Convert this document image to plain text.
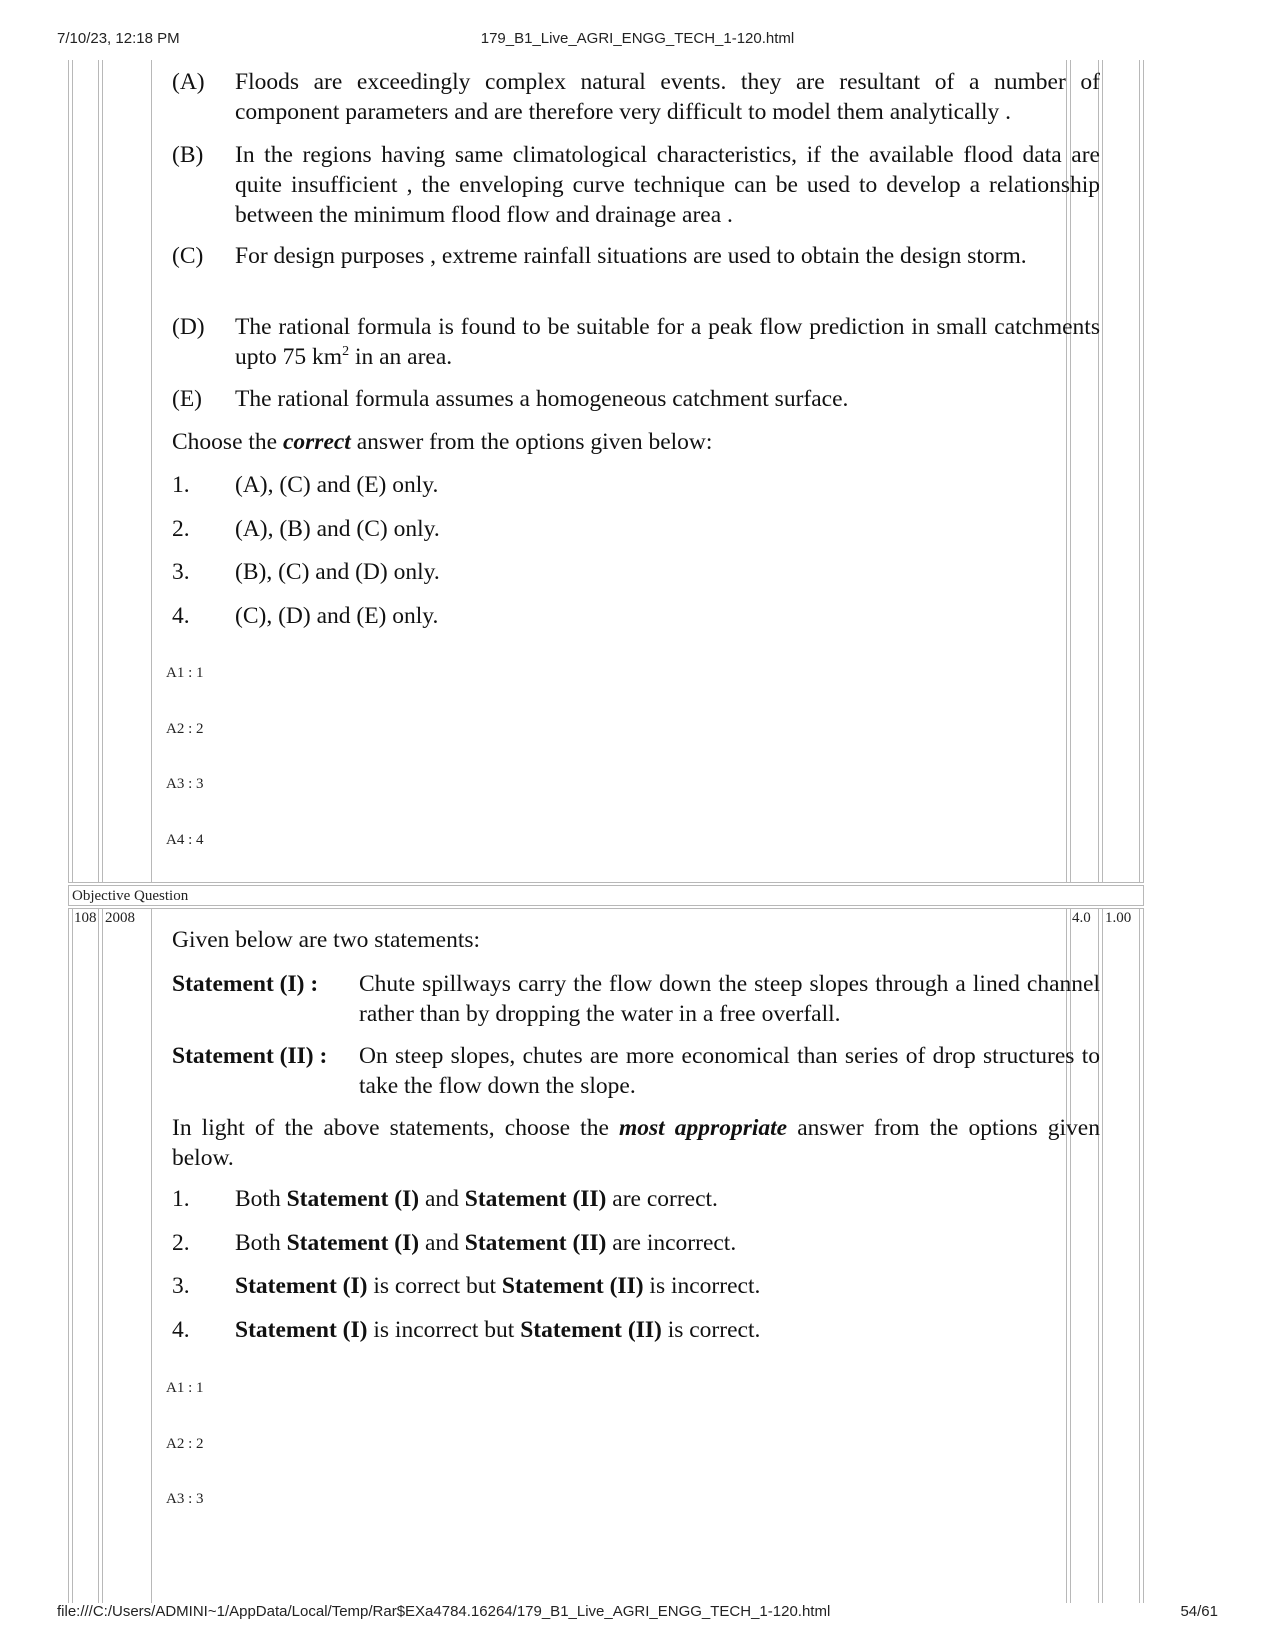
7/10/23, 12:18 PM	179_B1_Live_AGRI_ENGG_TECH_1-120.html
(A) Floods are exceedingly complex natural events. they are resultant of a number of component parameters and are therefore very difficult to model them analytically .
(B) In the regions having same climatological characteristics, if the available flood data are quite insufficient , the enveloping curve technique can be used to develop a relationship between the minimum flood flow and drainage area .
(C) For design purposes , extreme rainfall situations are used to obtain the design storm.
(D) The rational formula is found to be suitable for a peak flow prediction in small catchments upto 75 $km^2$ in an area.
(E) The rational formula assumes a homogeneous catchment surface.
Choose the correct answer from the options given below:
1. (A), (C) and (E) only.
2. (A), (B) and (C) only.
3. (B), (C) and (D) only.
4. (C), (D) and (E) only.
A1 : 1
A2 : 2
A3 : 3
A4 : 4
Objective Question
108 2008	4.0 1.00
Given below are two statements:
Statement (I) : Chute spillways carry the flow down the steep slopes through a lined channel rather than by dropping the water in a free overfall.
Statement (II) : On steep slopes, chutes are more economical than series of drop structures to take the flow down the slope.
In light of the above statements, choose the most appropriate answer from the options given below.
1. Both Statement (I) and Statement (II) are correct.
2. Both Statement (I) and Statement (II) are incorrect.
3. Statement (I) is correct but Statement (II) is incorrect.
4. Statement (I) is incorrect but Statement (II) is correct.
A1 : 1
A2 : 2
A3 : 3
file:///C:/Users/ADMINI~1/AppData/Local/Temp/Rar$EXa4784.16264/179_B1_Live_AGRI_ENGG_TECH_1-120.html	54/61
